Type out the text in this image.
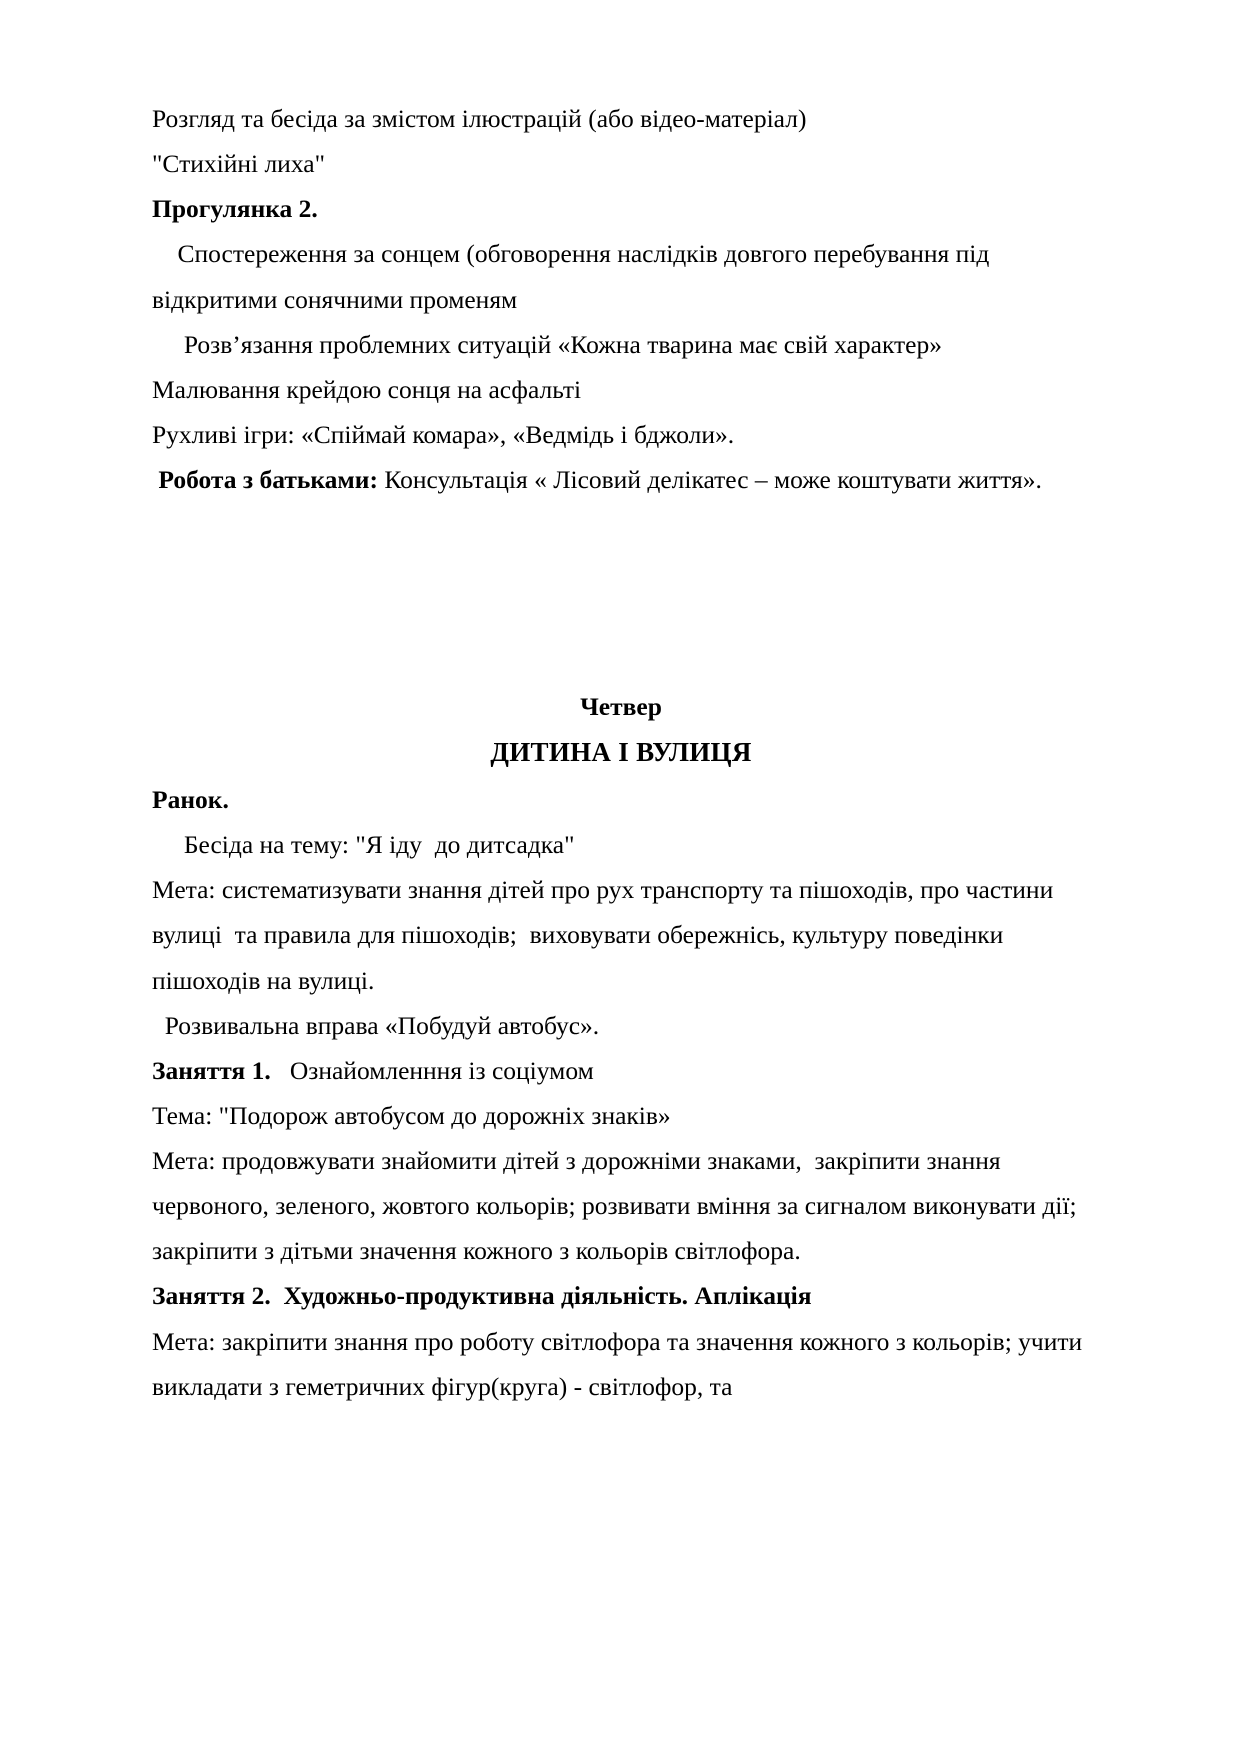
Розгляд та бесіда за змістом ілюстрацій (або відео-матеріал)

"Стихійні лиха"

Прогулянка 2.

Спостереження за сонцем (обговорення наслідків довгого перебування під відкритими сонячними променям

Розв’язання проблемних ситуацій «Кожна тварина має свій характер»

Малювання крейдою сонця на асфальті

Рухливі ігри: «Спіймай комара», «Ведмідь і бджоли».

Робота з батьками: Консультація « Лісовий делікатес – може коштувати життя».

Четвер

ДИТИНА І ВУЛИЦЯ

Ранок.

Бесіда на тему: "Я іду  до дитсадка"

Мета: систематизувати знання дітей про рух транспорту та пішоходів, про частини вулиці  та правила для пішоходів;  виховувати обережнісь, культуру поведінки пішоходів на вулиці.

Розвивальна вправа «Побудуй автобус».

Заняття 1.   Ознайомленння із соціумом

Тема: "Подорож автобусом до дорожніх знаків»

Мета: продовжувати знайомити дітей з дорожніми знаками,  закріпити знання червоного, зеленого, жовтого кольорів; розвивати вміння за сигналом виконувати дії; закріпити з дітьми значення кожного з кольорів світлофора.

Заняття 2.  Художньо-продуктивна діяльність. Аплікація

Мета: закріпити знання про роботу світлофора та значення кожного з кольорів; учити викладати з геметричних фігур(круга) - світлофор, та
